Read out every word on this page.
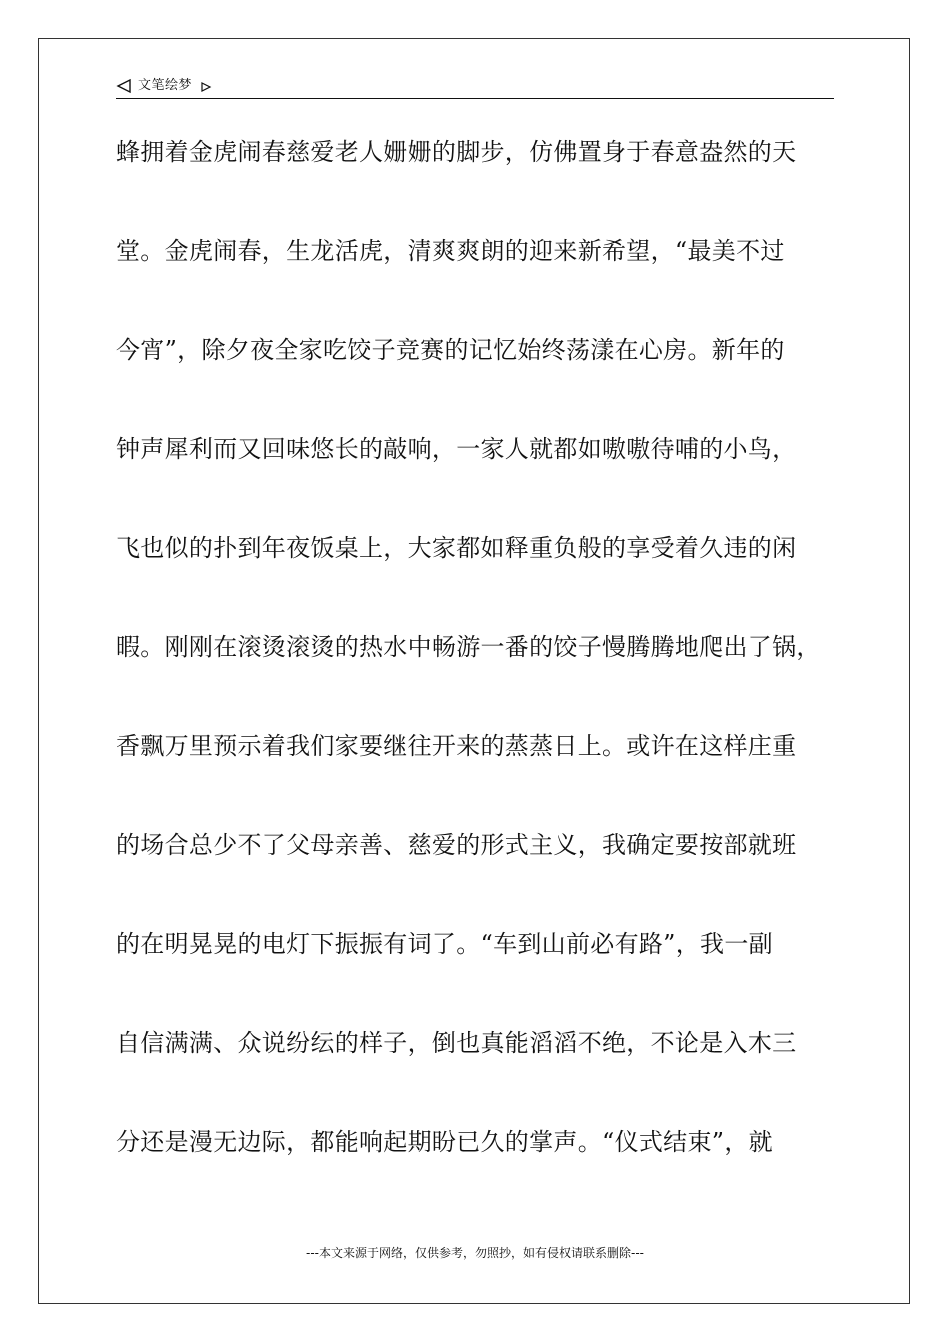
文笔绘梦
蜂拥着金虎闹春慈爱老人姗姗的脚步，仿佛置身于春意盎然的天
堂。金虎闹春，生龙活虎，清爽爽朗的迎来新希望，“最美不过
今宵”，除夕夜全家吃饺子竞赛的记忆始终荡漾在心房。新年的
钟声犀利而又回味悠长的敲响，一家人就都如嗷嗷待哺的小鸟，
飞也似的扑到年夜饭桌上，大家都如释重负般的享受着久违的闲
暇。刚刚在滚烫滚烫的热水中畅游一番的饺子慢腾腾地爬出了锅，
香飘万里预示着我们家要继往开来的蒸蒸日上。或许在这样庄重
的场合总少不了父母亲善、慈爱的形式主义，我确定要按部就班
的在明晃晃的电灯下振振有词了。“车到山前必有路”，我一副
自信满满、众说纷纭的样子，倒也真能滔滔不绝，不论是入木三
分还是漫无边际，都能响起期盼已久的掌声。“仪式结束”，就
---本文来源于网络，仅供参考，勿照抄，如有侵权请联系删除---
